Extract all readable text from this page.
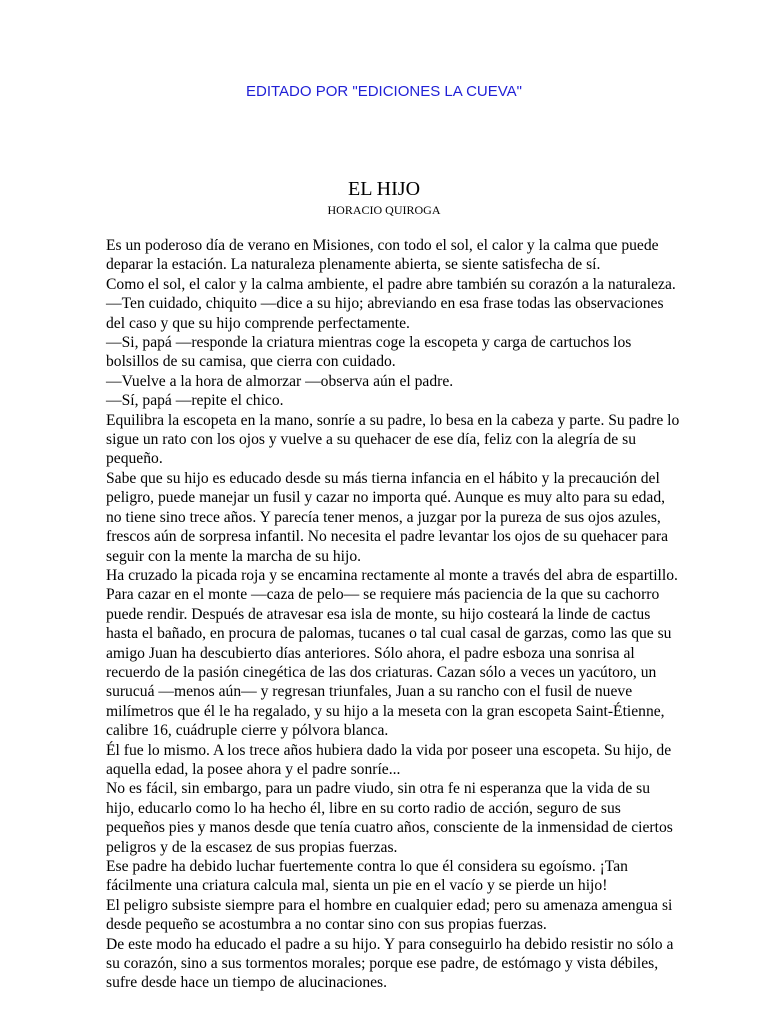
EDITADO POR "EDICIONES LA CUEVA"
EL HIJO
HORACIO QUIROGA

Es un poderoso día de verano en Misiones, con todo el sol, el calor y la calma que puede
deparar la estación. La naturaleza plenamente abierta, se siente satisfecha de sí.

Como el sol, el calor y la calma ambiente, el padre abre también su corazón a la naturaleza.

—Ten cuidado, chiquito —dice a su hijo; abreviando en esa frase todas las observaciones
del caso y que su hijo comprende perfectamente.

—Si, papá —responde la criatura mientras coge la escopeta y carga de cartuchos los
bolsillos de su camisa, que cierra con cuidado.

—Vuelve a la hora de almorzar —observa aún el padre.

—Sí, papá —repite el chico.

Equilibra la escopeta en la mano, sonríe a su padre, lo besa en la cabeza y parte. Su padre lo
sigue un rato con los ojos y vuelve a su quehacer de ese día, feliz con la alegría de su
pequeño.

Sabe que su hijo es educado desde su más tierna infancia en el hábito y la precaución del
peligro, puede manejar un fusil y cazar no importa qué. Aunque es muy alto para su edad,
no tiene sino trece años. Y parecía tener menos, a juzgar por la pureza de sus ojos azules,
frescos aún de sorpresa infantil. No necesita el padre levantar los ojos de su quehacer para
seguir con la mente la marcha de su hijo.

Ha cruzado la picada roja y se encamina rectamente al monte a través del abra de espartillo.

Para cazar en el monte —caza de pelo— se requiere más paciencia de la que su cachorro
puede rendir. Después de atravesar esa isla de monte, su hijo costeará la linde de cactus
hasta el bañado, en procura de palomas, tucanes o tal cual casal de garzas, como las que su
amigo Juan ha descubierto días anteriores. Sólo ahora, el padre esboza una sonrisa al
recuerdo de la pasión cinegética de las dos criaturas. Cazan sólo a veces un yacútoro, un
surucuá —menos aún— y regresan triunfales, Juan a su rancho con el fusil de nueve
milímetros que él le ha regalado, y su hijo a la meseta con la gran escopeta Saint-Étienne,
calibre 16, cuádruple cierre y pólvora blanca.

Él fue lo mismo. A los trece años hubiera dado la vida por poseer una escopeta. Su hijo, de
aquella edad, la posee ahora y el padre sonríe...

No es fácil, sin embargo, para un padre viudo, sin otra fe ni esperanza que la vida de su
hijo, educarlo como lo ha hecho él, libre en su corto radio de acción, seguro de sus
pequeños pies y manos desde que tenía cuatro años, consciente de la inmensidad de ciertos
peligros y de la escasez de sus propias fuerzas.

Ese padre ha debido luchar fuertemente contra lo que él considera su egoísmo. ¡Tan
fácilmente una criatura calcula mal, sienta un pie en el vacío y se pierde un hijo!

El peligro subsiste siempre para el hombre en cualquier edad; pero su amenaza amengua si
desde pequeño se acostumbra a no contar sino con sus propias fuerzas.

De este modo ha educado el padre a su hijo. Y para conseguirlo ha debido resistir no sólo a
su corazón, sino a sus tormentos morales; porque ese padre, de estómago y vista débiles,
sufre desde hace un tiempo de alucinaciones.
